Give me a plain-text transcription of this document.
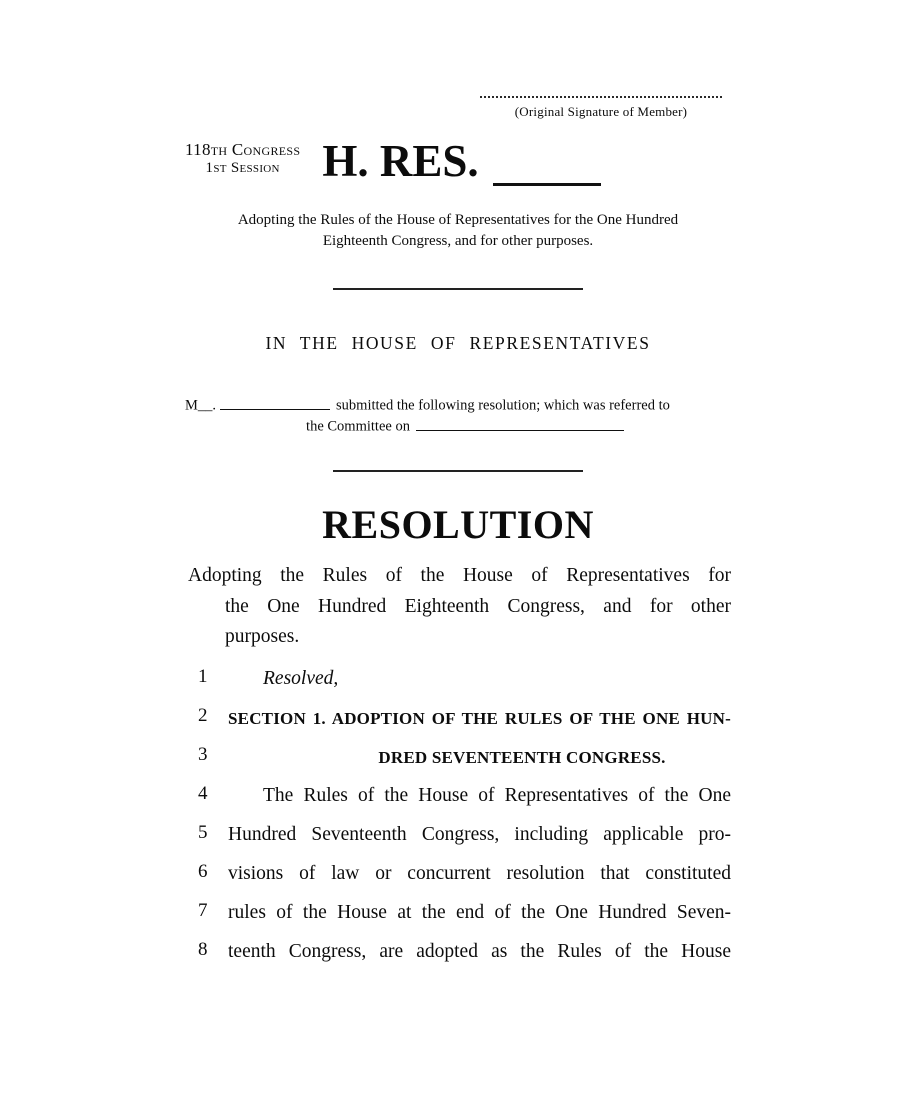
(Original Signature of Member)
118th Congress
1st Session H. RES.
Adopting the Rules of the House of Representatives for the One Hundred
Eighteenth Congress, and for other purposes.
IN THE HOUSE OF REPRESENTATIVES
M__.	submitted the following resolution; which was referred to
the Committee on
RESOLUTION
Adopting the Rules of the House of Representatives for
the One Hundred Eighteenth Congress, and for other
purposes.
1	Resolved,
2 SECTION 1. ADOPTION OF THE RULES OF THE ONE HUN-
3	DRED SEVENTEENTH CONGRESS.
4	The Rules of the House of Representatives of the One
5 Hundred Seventeenth Congress, including applicable pro-
6 visions of law or concurrent resolution that constituted
7 rules of the House at the end of the One Hundred Seven-
8 teenth Congress, are adopted as the Rules of the House
